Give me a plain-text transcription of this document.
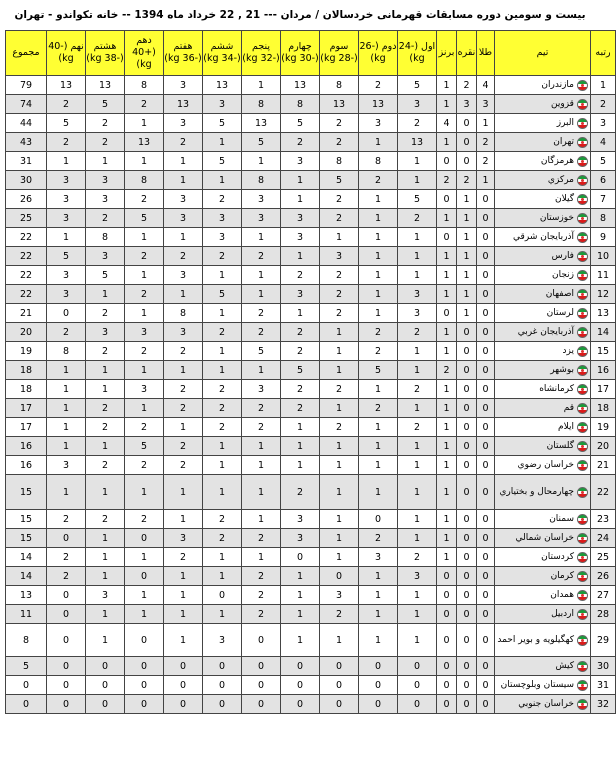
بیست و سومین دوره مسابقات قهرمانی خردسالان / مردان --- 21 , 22 خرداد ماه 1394 -- خانه تکواندو - تهران
رتبه	تیم	طلا	نقره	برنز	اول (-24 kg)	دوم (-26 kg)	سوم (-28 kg)	چهارم (-30 kg)	پنجم (-32 kg)	ششم (-34 kg)	هفتم (-36 kg)	دهم (+40 kg)	هشتم (-38 kg)	نهم (-40 kg)	مجموع
1	مازندران	4	2	1	5	2	8	13	1	13	3	8	13	13	79
2	قزوین	3	3	1	3	13	13	8	8	3	13	2	5	2	74
3	البرز	1	0	4	2	3	2	5	13	5	3	1	2	5	44
4	تهران	2	0	1	13	1	2	2	5	1	2	13	2	2	43
5	هرمزگان	2	0	0	1	8	8	3	1	5	1	1	1	1	31
6	مرکزي	1	2	2	1	2	5	1	8	1	1	8	3	3	30
7	گیلان	0	1	0	5	1	2	1	3	2	3	2	3	3	26
8	خوزستان	0	1	1	2	1	2	3	3	3	3	5	2	3	25
9	آذربایجان شرقي	0	1	0	1	1	1	3	1	3	1	1	8	1	22
10	فارس	0	1	1	1	1	3	1	2	2	2	2	3	5	22
11	زنجان	0	1	1	1	1	2	2	1	1	3	1	5	3	22
12	اصفهان	0	1	1	3	1	2	3	1	5	1	2	1	3	22
13	لرستان	0	1	0	3	1	2	1	2	1	8	1	2	0	21
14	آذربایجان غربي	0	0	1	2	2	1	2	2	2	3	3	3	2	20
15	یزد	0	0	1	1	2	1	2	5	1	2	2	2	8	19
16	بوشهر	0	0	2	1	5	1	5	1	1	1	1	1	1	18
17	کرمانشاه	0	0	1	2	1	2	2	3	2	2	3	1	1	18
18	قم	0	0	1	1	2	1	2	2	2	2	1	2	1	17
19	ایلام	0	0	1	2	1	2	1	2	2	1	2	2	1	17
20	گلستان	0	0	1	1	1	1	1	1	1	2	5	1	1	16
21	خراسان رضوي	0	0	1	1	1	1	1	1	1	2	2	2	3	16
22	چهارمحال و بختیاري	0	0	1	1	1	1	2	1	1	1	1	1	1	15
23	سمنان	0	0	1	1	0	1	3	1	2	1	2	2	2	15
24	خراسان شمالي	0	0	1	1	2	1	3	2	2	3	0	1	0	15
25	کردستان	0	0	1	2	3	1	0	1	1	2	1	1	2	14
26	کرمان	0	0	0	3	1	0	1	2	1	1	0	1	2	14
27	همدان	0	0	0	1	1	3	1	2	0	1	1	3	0	13
28	اردبیل	0	0	0	1	1	2	1	2	1	1	1	1	0	11
29	کهگیلویه و بویر احمد	0	0	0	1	1	1	1	0	3	1	0	1	0	8
30	کیش	0	0	0	0	0	0	0	0	0	0	0	0	0	5
31	سیستان وبلوچستان	0	0	0	0	0	0	0	0	0	0	0	0	0	0
32	خراسان جنوبي	0	0	0	0	0	0	0	0	0	0	0	0	0	0
